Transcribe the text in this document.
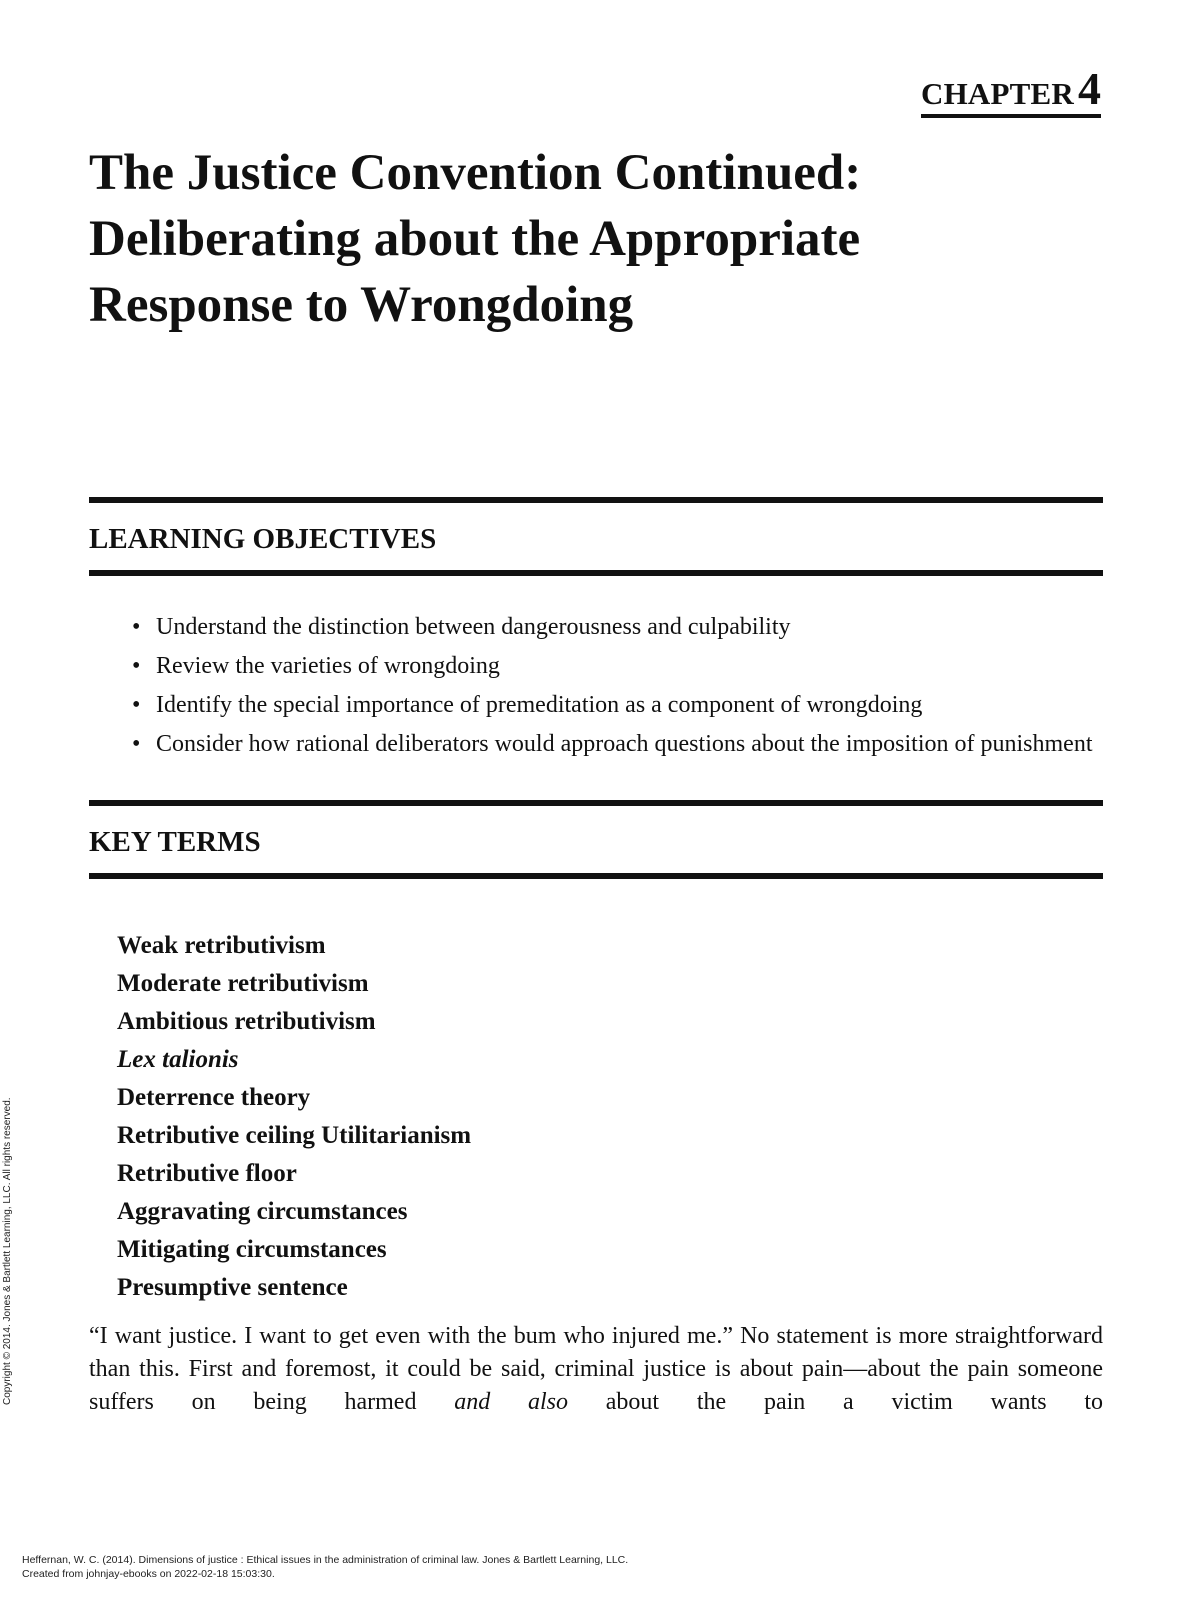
CHAPTER4
The Justice Convention Continued:
Deliberating about the Appropriate
Response to Wrongdoing
LEARNING OBJECTIVES
• Understand the distinction between dangerousness and culpability
• Review the varieties of wrongdoing
• Identify the special importance of premeditation as a component of wrongdoing
• Consider how rational deliberators would approach questions about the imposition of punishment
KEY TERMS
Weak retributivism
Moderate retributivism
Ambitious retributivism
Lex talionis
Deterrence theory
Retributive ceiling Utilitarianism
Retributive floor
Aggravating circumstances
Mitigating circumstances
Presumptive sentence

“I want justice. I want to get even with the bum who injured me.” No statement is more straightforward than this. First and foremost, it could be said, criminal justice is about pain—about the pain someone suffers on being harmed and also about the pain a victim wants to

Copyright © 2014. Jones & Bartlett Learning, LLC. All rights reserved.
Heffernan, W. C. (2014). Dimensions of justice : Ethical issues in the administration of criminal law. Jones & Bartlett Learning, LLC.
Created from johnjay-ebooks on 2022-02-18 15:03:30.
